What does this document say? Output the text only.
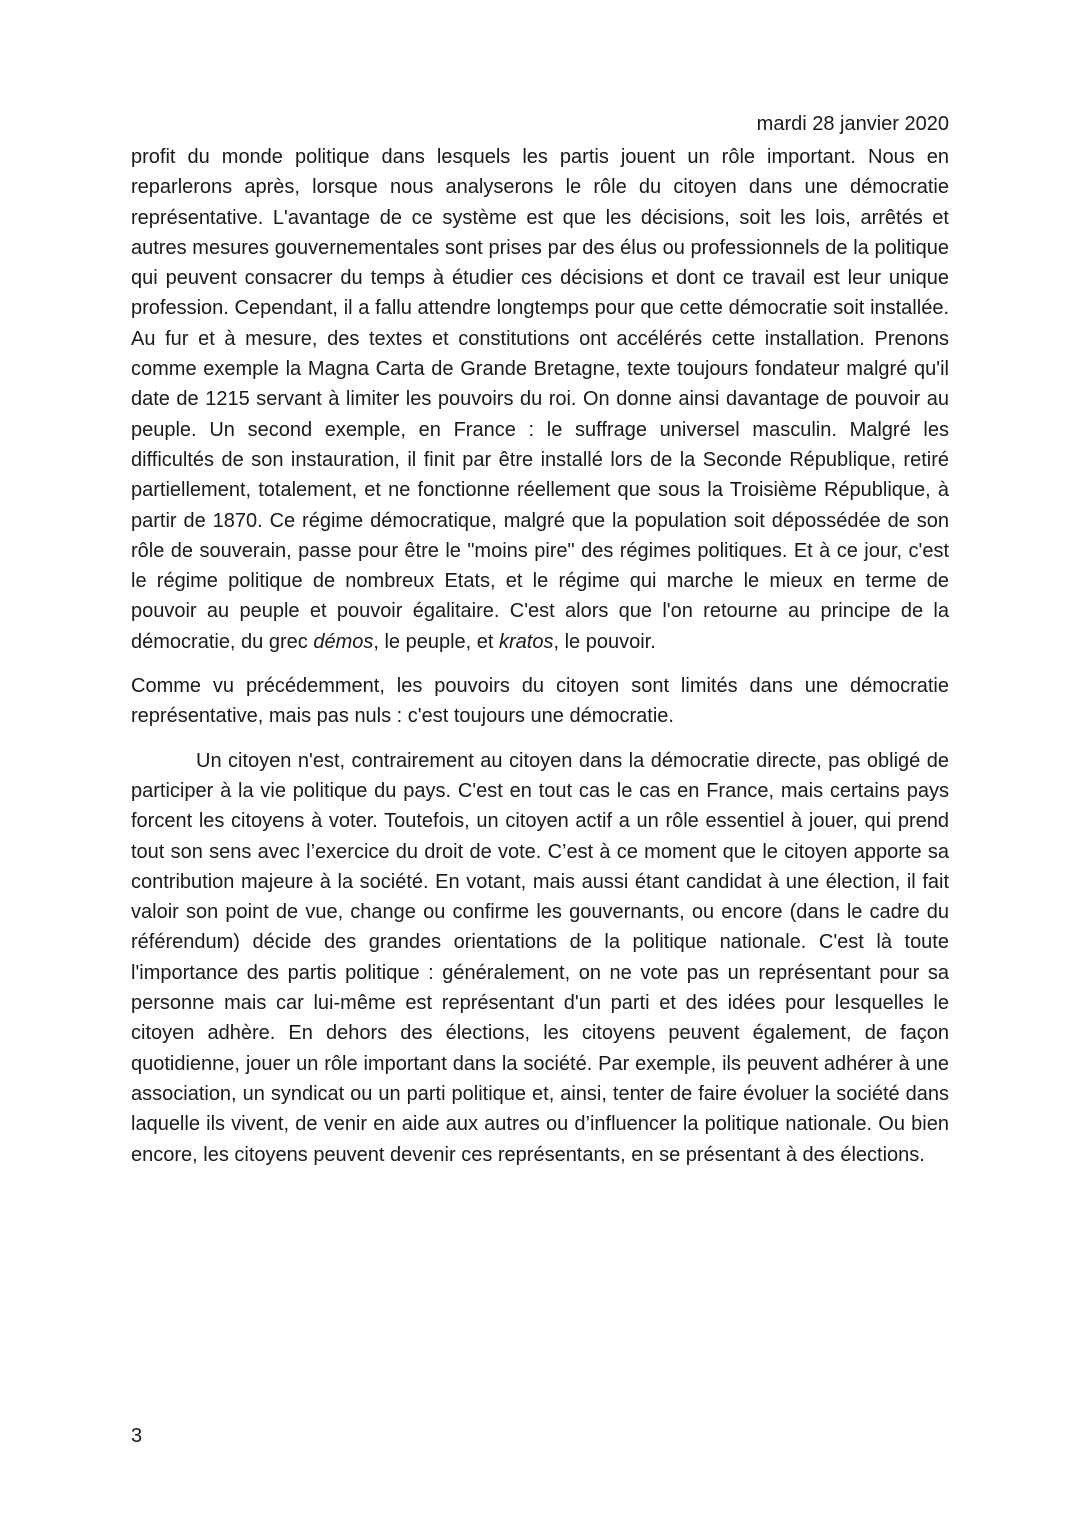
mardi 28 janvier 2020

profit du monde politique dans lesquels les partis jouent un rôle important. Nous en reparlerons après, lorsque nous analyserons le rôle du citoyen dans une démocratie représentative. L'avantage de ce système est que les décisions, soit les lois, arrêtés et autres mesures gouvernementales sont prises par des élus ou professionnels de la politique qui peuvent consacrer du temps à étudier ces décisions et dont ce travail est leur unique profession. Cependant, il a fallu attendre longtemps pour que cette démocratie soit installée. Au fur et à mesure, des textes et constitutions ont accélérés cette installation. Prenons comme exemple la Magna Carta de Grande Bretagne, texte toujours fondateur malgré qu'il date de 1215 servant à limiter les pouvoirs du roi. On donne ainsi davantage de pouvoir au peuple. Un second exemple, en France : le suffrage universel masculin. Malgré les difficultés de son instauration, il finit par être installé lors de la Seconde République, retiré partiellement, totalement, et ne fonctionne réellement que sous la Troisième République, à partir de 1870. Ce régime démocratique, malgré que la population soit dépossédée de son rôle de souverain, passe pour être le "moins pire" des régimes politiques. Et à ce jour, c'est le régime politique de nombreux Etats, et le régime qui marche le mieux en terme de pouvoir au peuple et pouvoir égalitaire. C'est alors que l'on retourne au principe de la démocratie, du grec démos, le peuple, et kratos, le pouvoir.

Comme vu précédemment, les pouvoirs du citoyen sont limités dans une démocratie représentative, mais pas nuls : c'est toujours une démocratie.

Un citoyen n'est, contrairement au citoyen dans la démocratie directe, pas obligé de participer à la vie politique du pays. C'est en tout cas le cas en France, mais certains pays forcent les citoyens à voter. Toutefois, un citoyen actif a un rôle essentiel à jouer, qui prend tout son sens avec l’exercice du droit de vote. C’est à ce moment que le citoyen apporte sa contribution majeure à la société. En votant, mais aussi étant candidat à une élection, il fait valoir son point de vue, change ou confirme les gouvernants, ou encore (dans le cadre du référendum) décide des grandes orientations de la politique nationale. C'est là toute l'importance des partis politique : généralement, on ne vote pas un représentant pour sa personne mais car lui-même est représentant d'un parti et des idées pour lesquelles le citoyen adhère. En dehors des élections, les citoyens peuvent également, de façon quotidienne, jouer un rôle important dans la société. Par exemple, ils peuvent adhérer à une association, un syndicat ou un parti politique et, ainsi, tenter de faire évoluer la société dans laquelle ils vivent, de venir en aide aux autres ou d’influencer la politique nationale. Ou bien encore, les citoyens peuvent devenir ces représentants, en se présentant à des élections.

3
